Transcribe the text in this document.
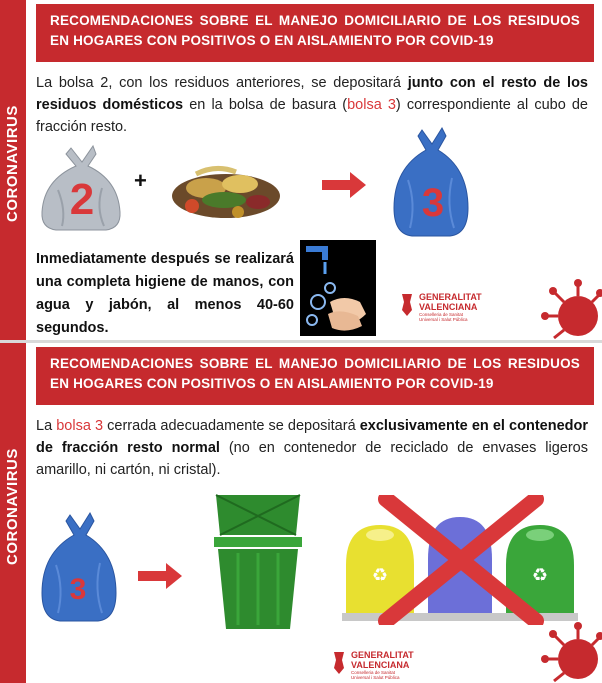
CORONAVIRUS
RECOMENDACIONES SOBRE EL MANEJO DOMICILIARIO DE LOS RESIDUOS EN HOGARES CON POSITIVOS O EN AISLAMIENTO POR COVID-19
La bolsa 2, con los residuos anteriores, se depositará junto con el resto de los residuos domésticos en la bolsa de basura (bolsa 3) correspondiente al cubo de fracción resto.
2 +
3
Inmediatamente después se realizará una completa higiene de manos, con agua y jabón, al menos 40-60 segundos.
GENERALITAT
VALENCIANA
Conselleria de Sanitat
Universal i Salut Pública
CORONAVIRUS
RECOMENDACIONES SOBRE EL MANEJO DOMICILIARIO DE LOS RESIDUOS EN HOGARES CON POSITIVOS O EN AISLAMIENTO POR COVID-19
La bolsa 3 cerrada adecuadamente se depositará exclusivamente en el contenedor de fracción resto normal (no en contenedor de reciclado de envases ligeros amarillo, ni cartón, ni cristal).
3	♻	♻
GENERALITAT
VALENCIANA
Conselleria de Sanitat
Universal i Salut Pública
